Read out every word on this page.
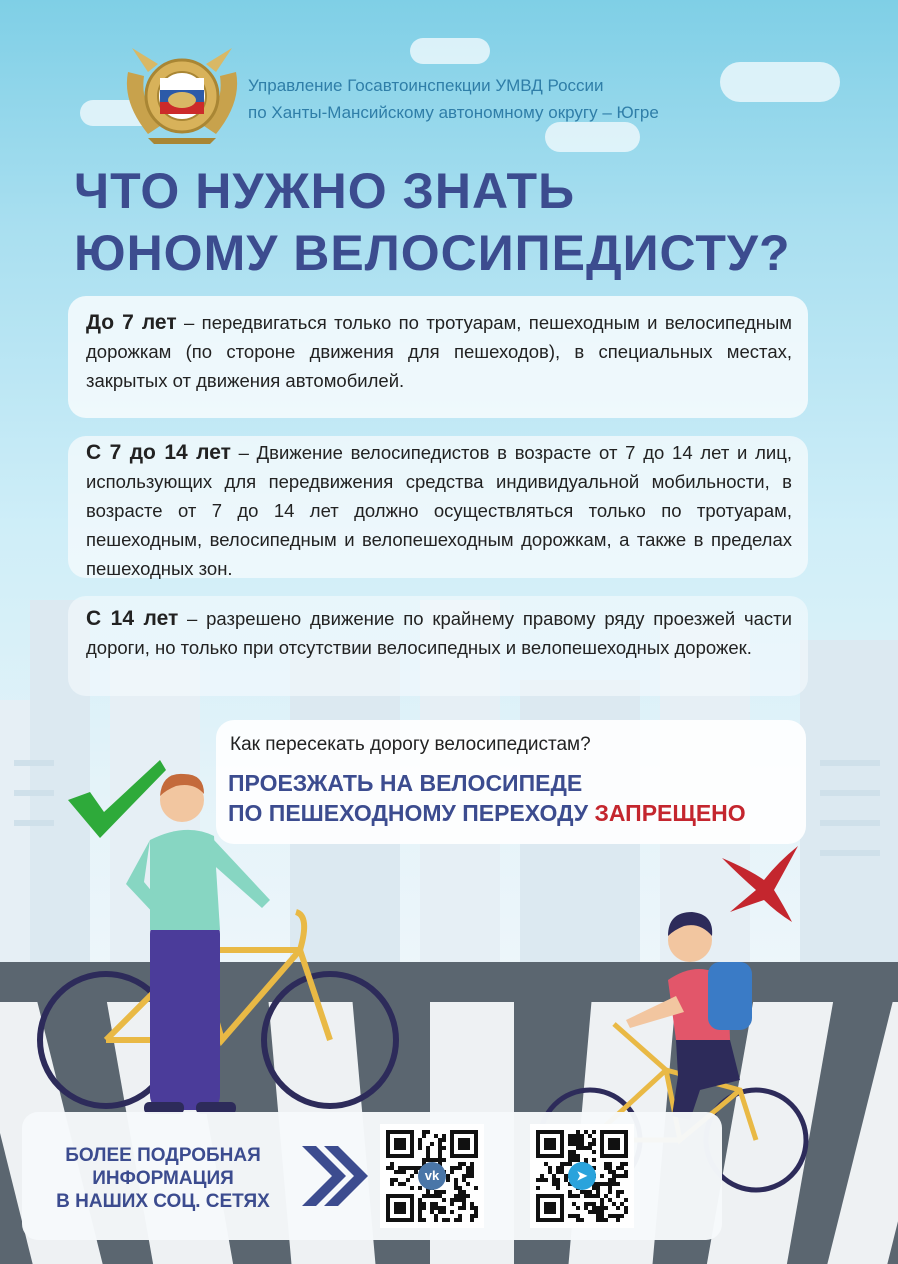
Управление Госавтоинспекции УМВД России
по Ханты-Мансийскому автономному округу – Югре
ЧТО НУЖНО ЗНАТЬ
ЮНОМУ ВЕЛОСИПЕДИСТУ?

До 7 лет – передвигаться только по тротуарам, пешеходным и велосипедным дорожкам (по стороне движения для пешеходов), в специальных местах, закрытых от движения автомобилей.

С 7 до 14 лет – Движение велосипедистов в возрасте от 7 до 14 лет и лиц, использующих для передвижения средства индивидуальной мобильности, в возрасте от 7 до 14 лет должно осуществляться только по тротуарам, пешеходным, велосипедным и велопешеходным дорожкам, а также в пределах пешеходных зон.

С 14 лет – разрешено движение по крайнему правому ряду проезжей части дороги, но только при отсутствии велосипедных и велопешеходных дорожек.

Как пересекать дорогу велосипедистам?
ПРОЕЗЖАТЬ НА ВЕЛОСИПЕДЕ
ПО ПЕШЕХОДНОМУ ПЕРЕХОДУ ЗАПРЕЩЕНО
БОЛЕЕ ПОДРОБНАЯ
ИНФОРМАЦИЯ
В НАШИХ СОЦ. СЕТЯХ
vk	➤
